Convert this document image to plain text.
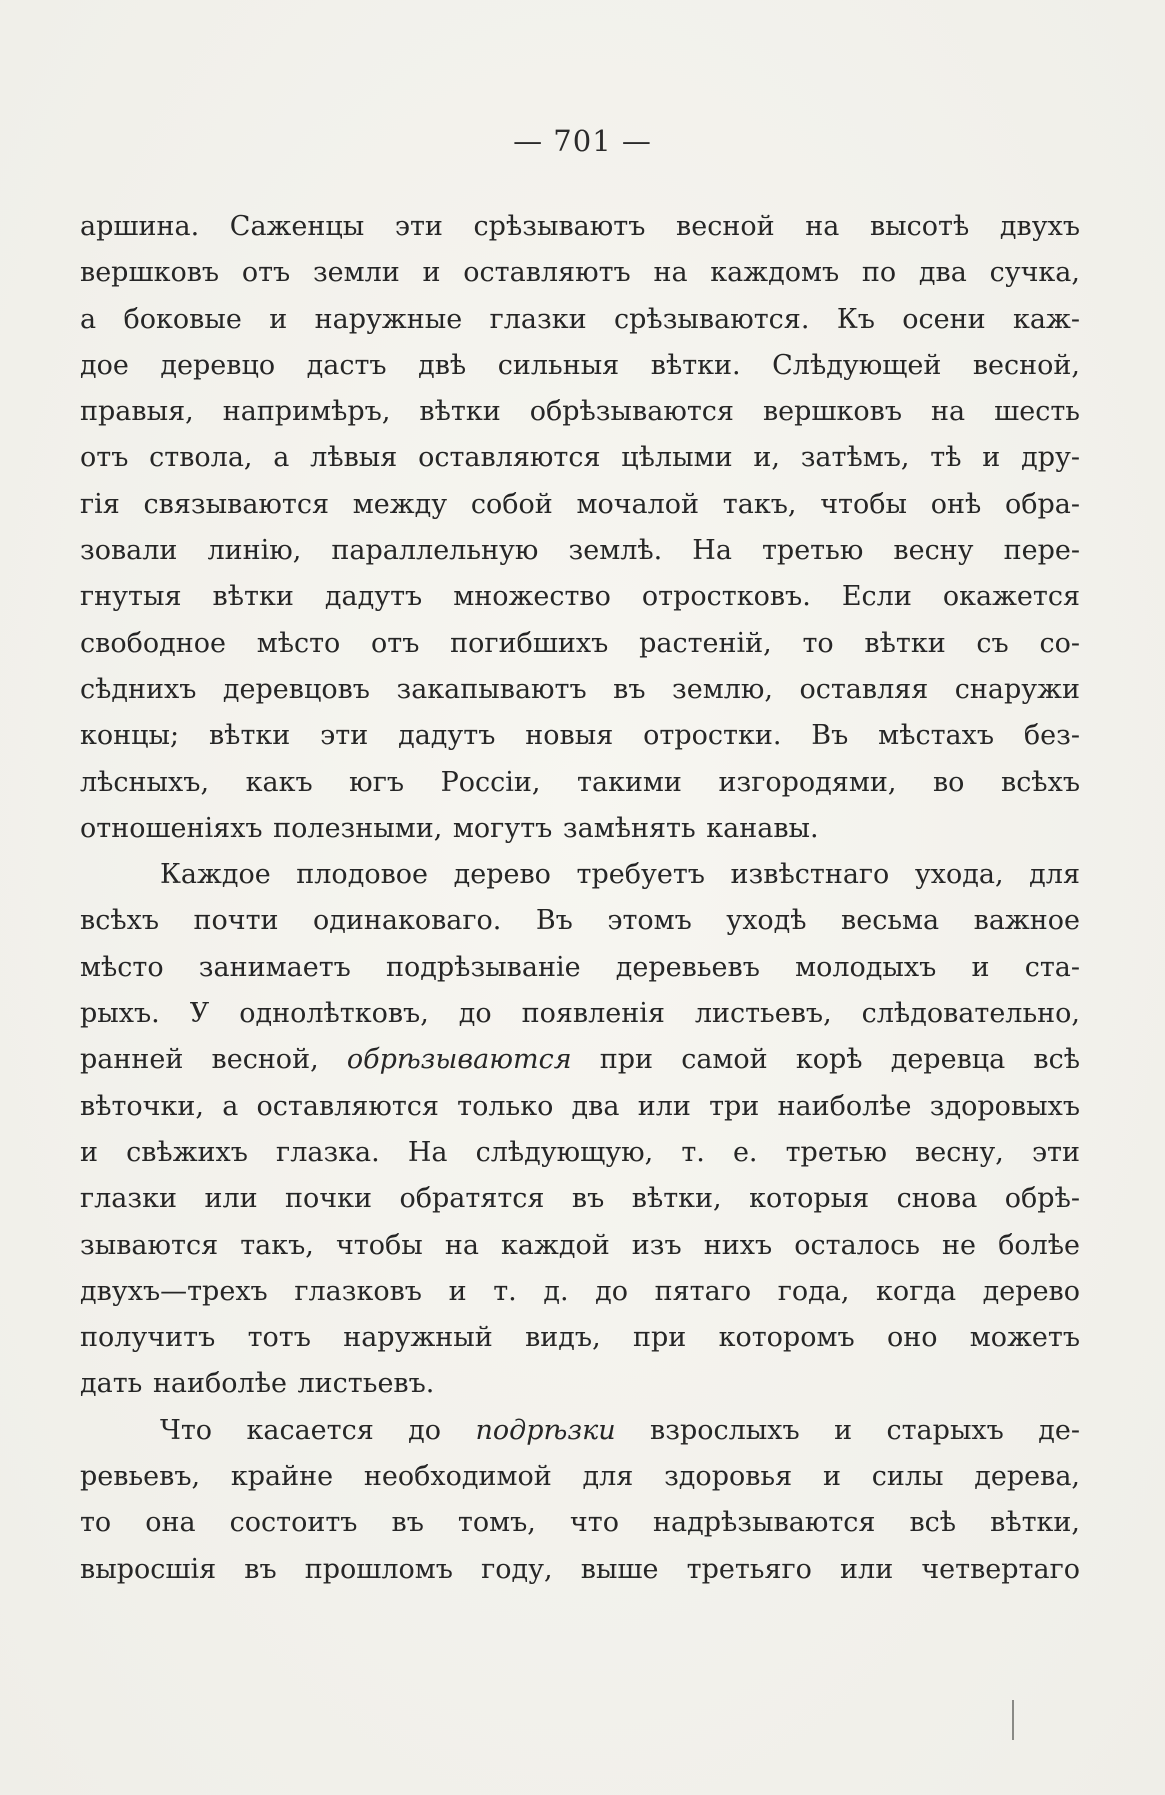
— 701 —
аршина. Саженцы эти срѣзываютъ весной на высотѣ двухъ
вершковъ отъ земли и оставляютъ на каждомъ по два сучка,
а боковые и наружные глазки срѣзываются. Къ осени каж-
дое деревцо дастъ двѣ сильныя вѣтки. Слѣдующей весной,
правыя, напримѣръ, вѣтки обрѣзываются вершковъ на шесть
отъ ствола, а лѣвыя оставляются цѣлыми и, затѣмъ, тѣ и дру-
гія связываются между собой мочалой такъ, чтобы онѣ обра-
зовали линію, параллельную землѣ. На третью весну пере-
гнутыя вѣтки дадутъ множество отростковъ. Если окажется
свободное мѣсто отъ погибшихъ растеній, то вѣтки съ со-
сѣднихъ деревцовъ закапываютъ въ землю, оставляя снаружи
концы; вѣтки эти дадутъ новыя отростки. Въ мѣстахъ без-
лѣсныхъ, какъ югъ Россіи, такими изгородями, во всѣхъ
отношеніяхъ полезными, могутъ замѣнять канавы.
Каждое плодовое дерево требуетъ извѣстнаго ухода, для
всѣхъ почти одинаковаго. Въ этомъ уходѣ весьма важное
мѣсто занимаетъ подрѣзываніе деревьевъ молодыхъ и ста-
рыхъ. У однолѣтковъ, до появленія листьевъ, слѣдовательно,
ранней весной, обрѣзываются при самой корѣ деревца всѣ
вѣточки, а оставляются только два или три наиболѣе здоровыхъ
и свѣжихъ глазка. На слѣдующую, т. е. третью весну, эти
глазки или почки обратятся въ вѣтки, которыя снова обрѣ-
зываются такъ, чтобы на каждой изъ нихъ осталось не болѣе
двухъ—трехъ глазковъ и т. д. до пятаго года, когда дерево
получитъ тотъ наружный видъ, при которомъ оно можетъ
дать наиболѣе листьевъ.
Что касается до подрѣзки взрослыхъ и старыхъ де-
ревьевъ, крайне необходимой для здоровья и силы дерева,
то она состоитъ въ томъ, что надрѣзываются всѣ вѣтки,
выросшія въ прошломъ году, выше третьяго или четвертаго
